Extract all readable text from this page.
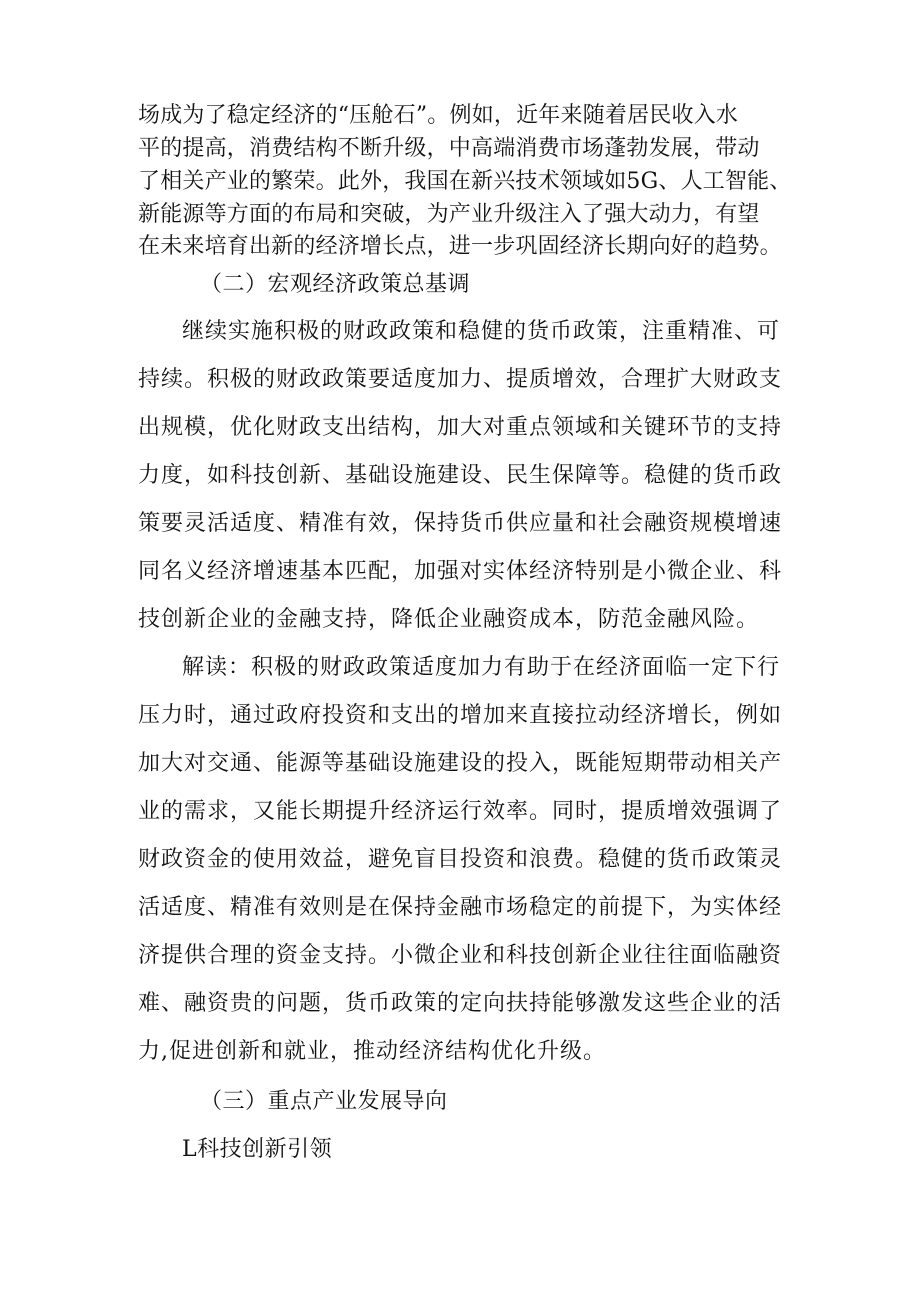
场成为了稳定经济的“压舱石”。例如，近年来随着居民收入水
平的提高，消费结构不断升级，中高端消费市场蓬勃发展，带动
了相关产业的繁荣。此外，我国在新兴技术领域如5G、人工智能、
新能源等方面的布局和突破，为产业升级注入了强大动力，有望
在未来培育出新的经济增长点，进一步巩固经济长期向好的趋势。
（二）宏观经济政策总基调
继续实施积极的财政政策和稳健的货币政策，注重精准、可
持续。积极的财政政策要适度加力、提质增效，合理扩大财政支
出规模，优化财政支出结构，加大对重点领域和关键环节的支持
力度，如科技创新、基础设施建设、民生保障等。稳健的货币政
策要灵活适度、精准有效，保持货币供应量和社会融资规模增速
同名义经济增速基本匹配，加强对实体经济特别是小微企业、科
技创新企业的金融支持，降低企业融资成本，防范金融风险。
解读：积极的财政政策适度加力有助于在经济面临一定下行
压力时，通过政府投资和支出的增加来直接拉动经济增长，例如
加大对交通、能源等基础设施建设的投入，既能短期带动相关产
业的需求，又能长期提升经济运行效率。同时，提质增效强调了
财政资金的使用效益，避免盲目投资和浪费。稳健的货币政策灵
活适度、精准有效则是在保持金融市场稳定的前提下，为实体经
济提供合理的资金支持。小微企业和科技创新企业往往面临融资
难、融资贵的问题，货币政策的定向扶持能够激发这些企业的活
力,促进创新和就业，推动经济结构优化升级。
（三）重点产业发展导向
L科技创新引领
